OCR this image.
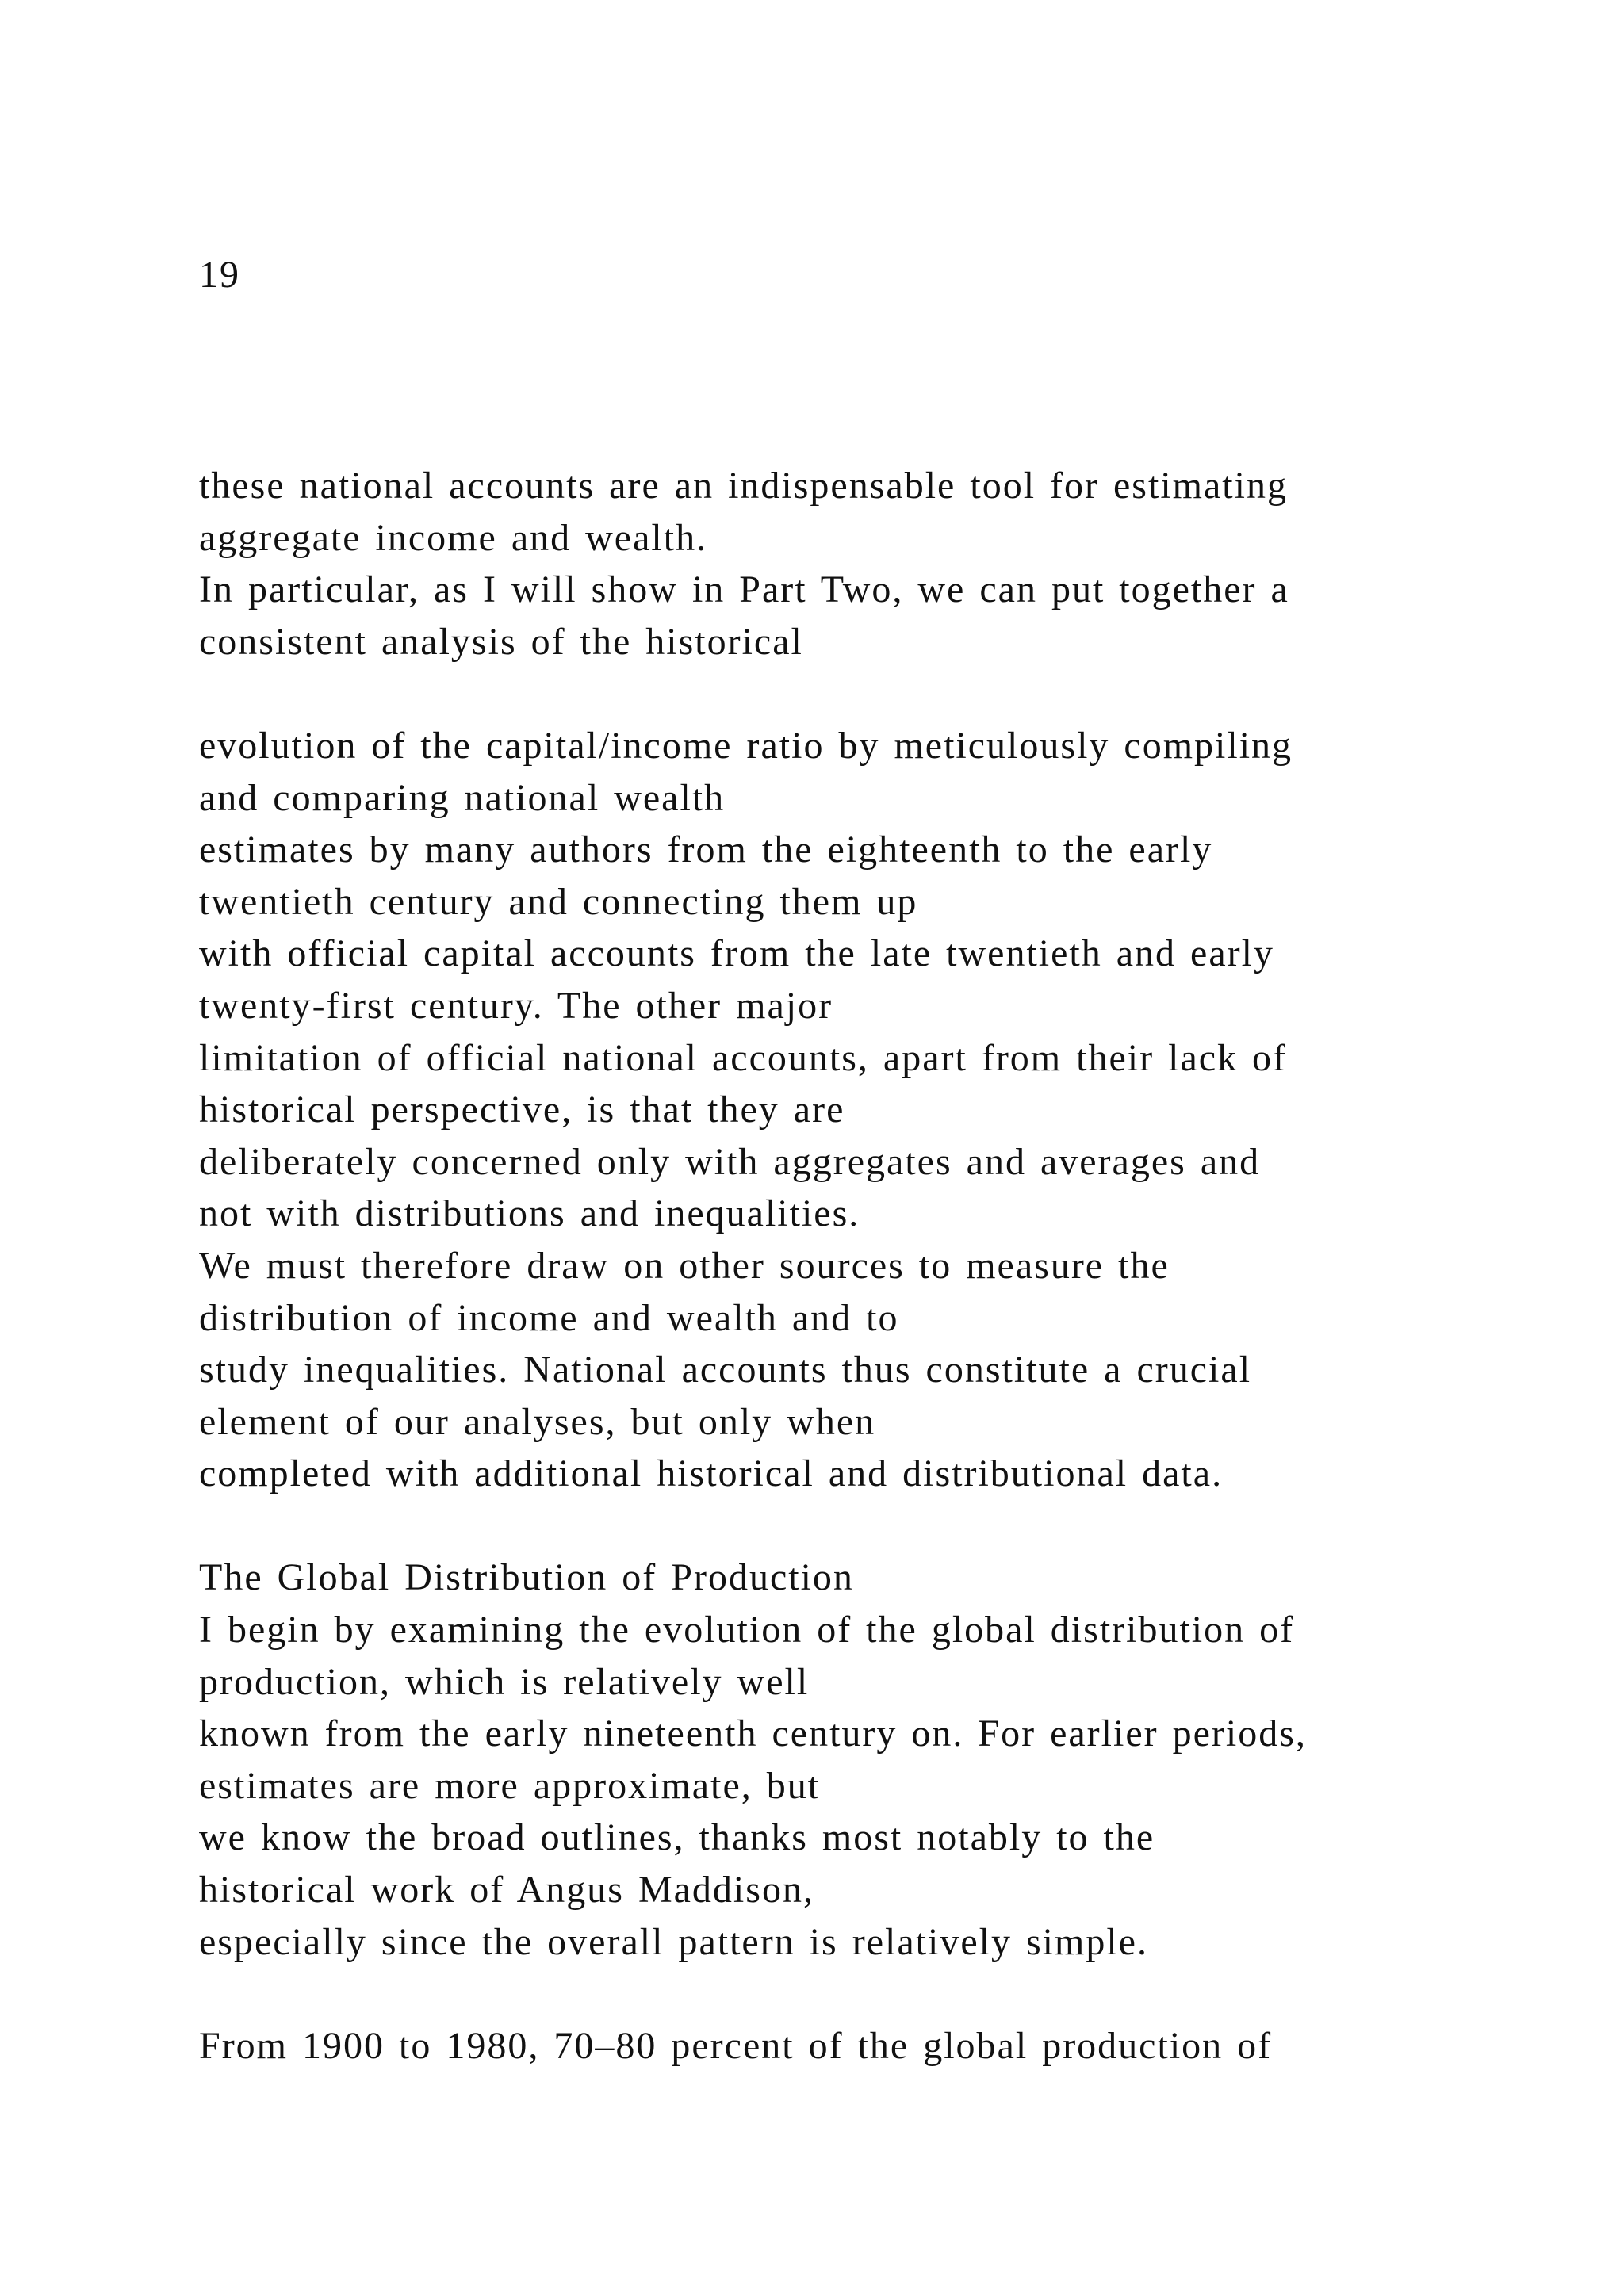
19

these national accounts are an indispensable tool for estimating
aggregate income and wealth.
In particular, as I will show in Part Two, we can put together a
consistent analysis of the historical
evolution of the capital/income ratio by meticulously compiling
and comparing national wealth
estimates by many authors from the eighteenth to the early
twentieth century and connecting them up
with official capital accounts from the late twentieth and early
twenty-first century. The other major
limitation of official national accounts, apart from their lack of
historical perspective, is that they are
deliberately concerned only with aggregates and averages and
not with distributions and inequalities.
We must therefore draw on other sources to measure the
distribution of income and wealth and to
study inequalities. National accounts thus constitute a crucial
element of our analyses, but only when
completed with additional historical and distributional data.
The Global Distribution of Production
I begin by examining the evolution of the global distribution of
production, which is relatively well
known from the early nineteenth century on. For earlier periods,
estimates are more approximate, but
we know the broad outlines, thanks most notably to the
historical work of Angus Maddison,
especially since the overall pattern is relatively simple.
From 1900 to 1980, 70–80 percent of the global production of
